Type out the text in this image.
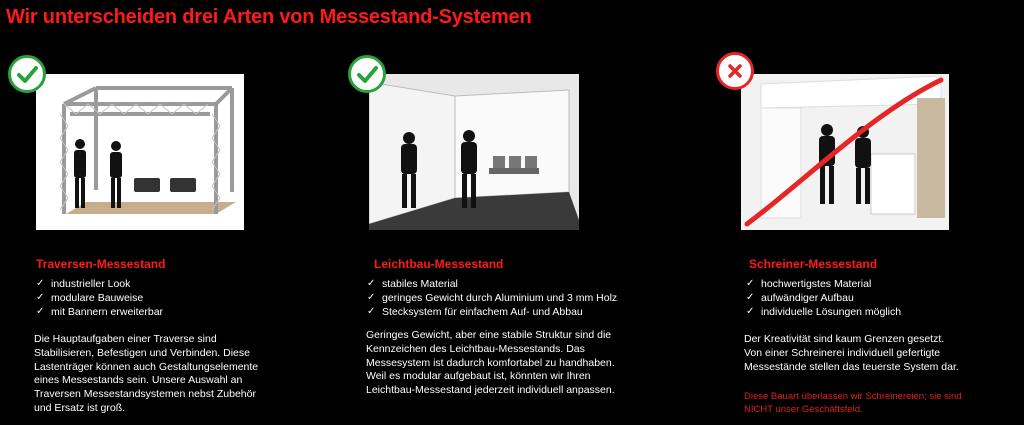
Wir unterscheiden drei Arten von Messestand-Systemen
Traversen-Messestand
✓ industrieller Look
✓ modulare Bauweise
✓ mit Bannern erweiterbar
Die Hauptaufgaben einer Traverse sind
Stabilisieren, Befestigen und Verbinden. Diese
Lastenträger können auch Gestaltungselemente
eines Messestands sein. Unsere Auswahl an
Traversen Messestandsystemen nebst Zubehör
und Ersatz ist groß.
Leichtbau-Messestand
✓ stabiles Material
✓ geringes Gewicht durch Aluminium und 3 mm Holz
✓ Stecksystem für einfachem Auf- und Abbau
Geringes Gewicht, aber eine stabile Struktur sind die
Kennzeichen des Leichtbau-Messestands. Das
Messesystem ist dadurch komfortabel zu handhaben.
Weil es modular aufgebaut ist, könnten wir Ihren
Leichtbau-Messestand jederzeit individuell anpassen.
Schreiner-Messestand
✓ hochwertigstes Material
✓ aufwändiger Aufbau
✓ individuelle Lösungen möglich
Der Kreativität sind kaum Grenzen gesetzt.
Von einer Schreinerei individuell gefertigte
Messestände stellen das teuerste System dar.
Diese Bauart überlassen wir Schreinereien; sie sind
NICHT unser Geschäftsfeld.
